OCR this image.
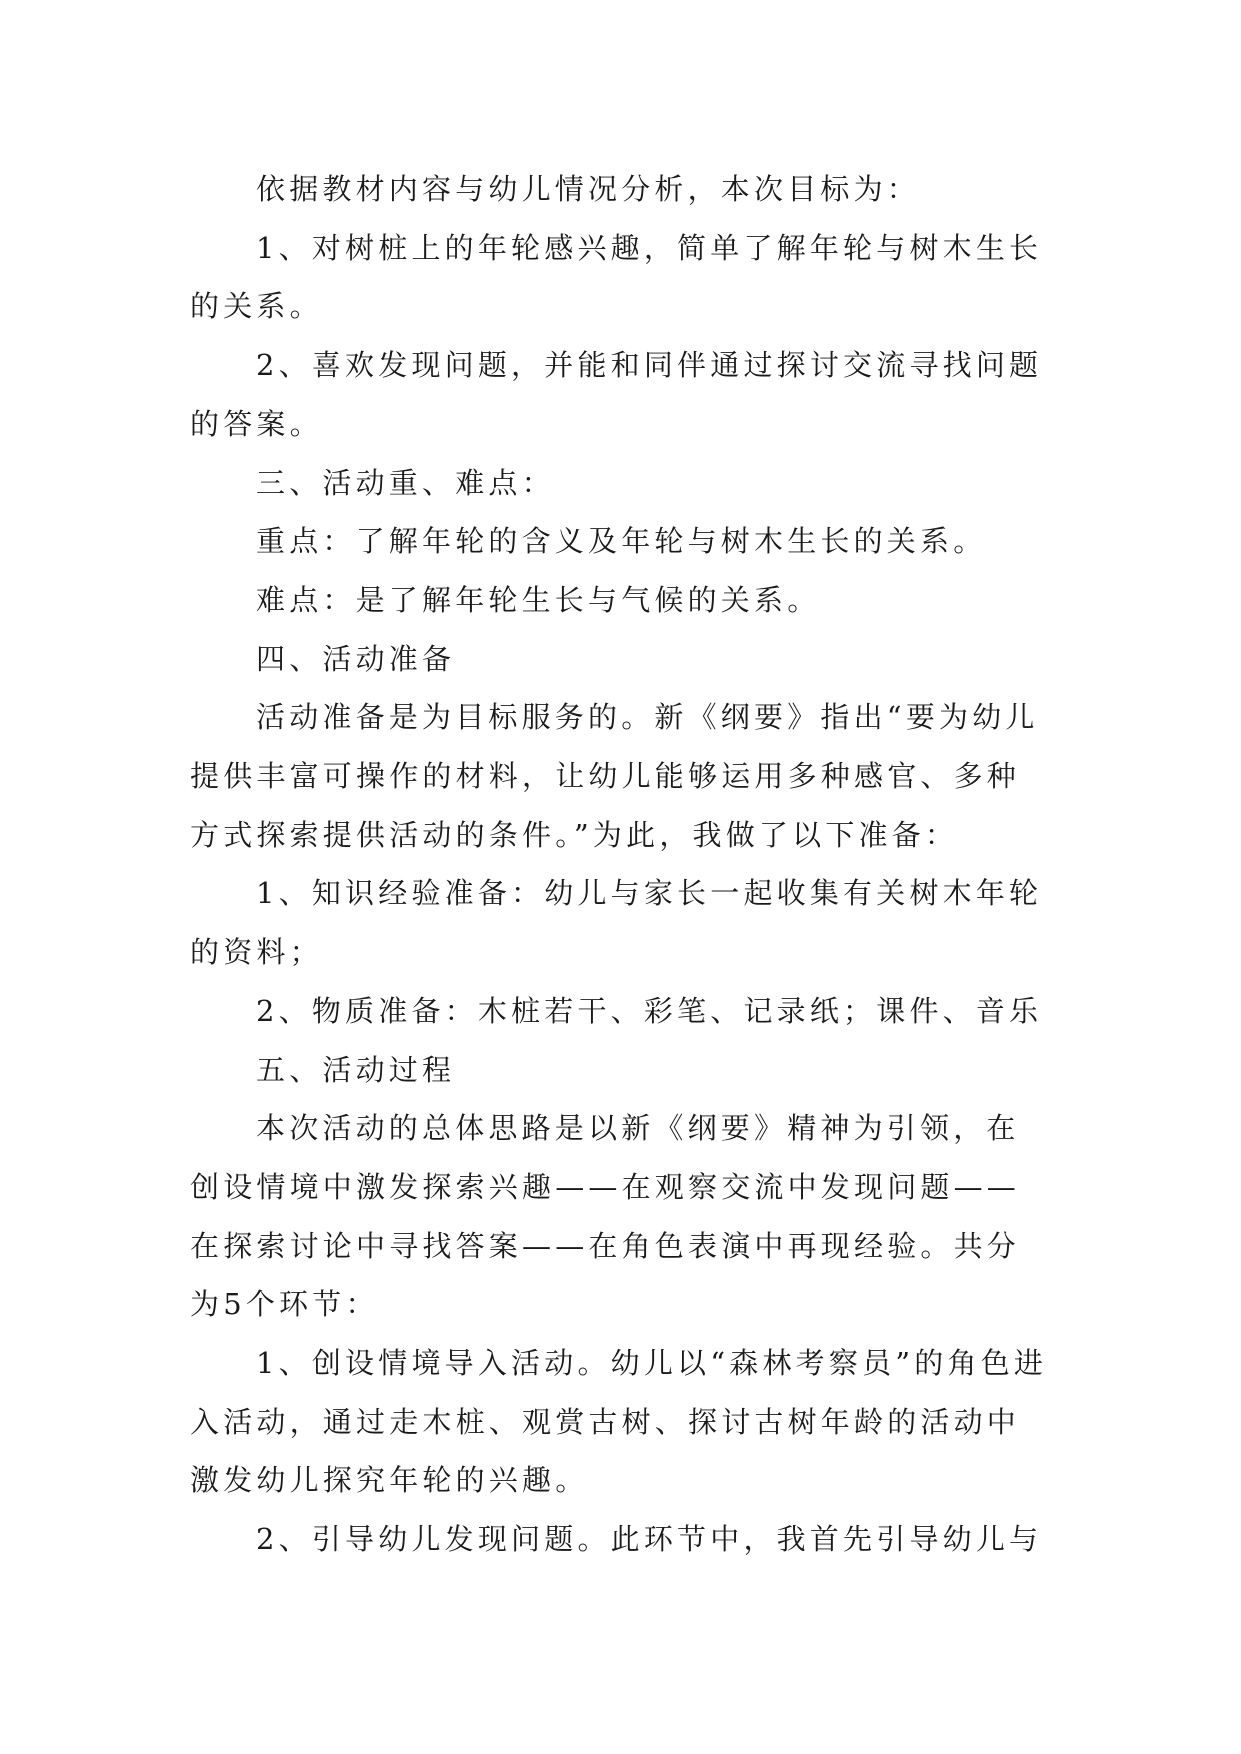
依据教材内容与幼儿情况分析，本次目标为：

1、对树桩上的年轮感兴趣，简单了解年轮与树木生长的关系。

2、喜欢发现问题，并能和同伴通过探讨交流寻找问题的答案。

三、活动重、难点：

重点：了解年轮的含义及年轮与树木生长的关系。

难点：是了解年轮生长与气候的关系。

四、活动准备

活动准备是为目标服务的。新《纲要》指出“要为幼儿提供丰富可操作的材料，让幼儿能够运用多种感官、多种方式探索提供活动的条件。”为此，我做了以下准备：

1、知识经验准备：幼儿与家长一起收集有关树木年轮的资料；

2、物质准备：木桩若干、彩笔、记录纸；课件、音乐

五、活动过程

本次活动的总体思路是以新《纲要》精神为引领，在创设情境中激发探索兴趣——在观察交流中发现问题——在探索讨论中寻找答案——在角色表演中再现经验。共分为5个环节：

1、创设情境导入活动。幼儿以“森林考察员”的角色进入活动，通过走木桩、观赏古树、探讨古树年龄的活动中激发幼儿探究年轮的兴趣。

2、引导幼儿发现问题。此环节中，我首先引导幼儿与
